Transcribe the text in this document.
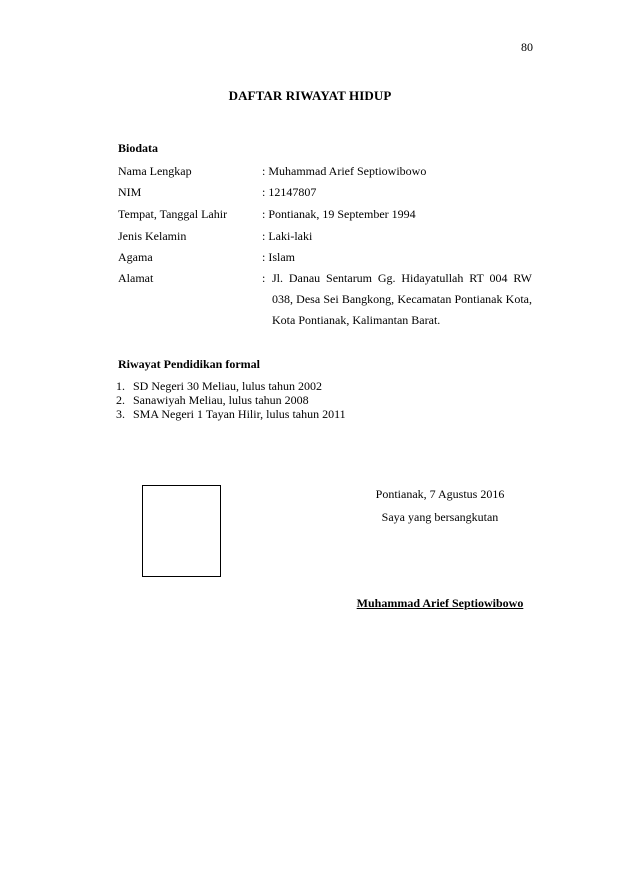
80
DAFTAR RIWAYAT HIDUP
Biodata
Nama Lengkap	: Muhammad Arief Septiowibowo
NIM	: 12147807
Tempat, Tanggal Lahir	: Pontianak, 19 September 1994
Jenis Kelamin	: Laki-laki
Agama	: Islam
Alamat	: Jl. Danau Sentarum Gg. Hidayatullah RT 004 RW 038, Desa Sei Bangkong, Kecamatan Pontianak Kota, Kota Pontianak, Kalimantan Barat.
Riwayat Pendidikan formal
1. SD Negeri 30 Meliau, lulus tahun 2002
2. Sanawiyah Meliau, lulus tahun 2008
3. SMA Negeri 1 Tayan Hilir, lulus tahun 2011
Pontianak, 7 Agustus 2016
Saya yang bersangkutan
Muhammad Arief Septiowibowo
